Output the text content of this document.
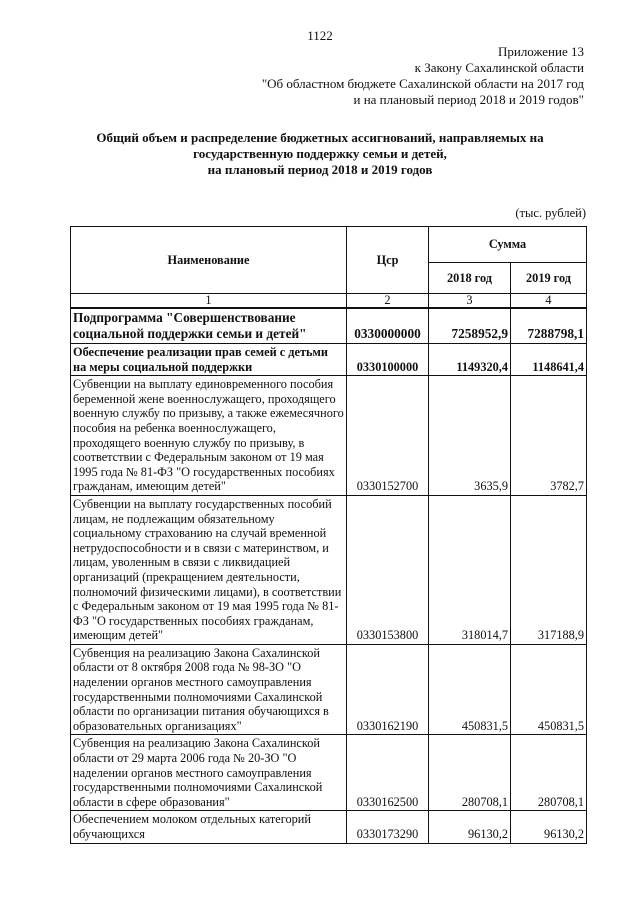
1122
Приложение 13
к Закону Сахалинской области
"Об областном бюджете Сахалинской области на 2017 год
и на плановый период 2018 и 2019 годов"
Общий объем и распределение бюджетных ассигнований, направляемых на
государственную поддержку семьи и детей,
на плановый период 2018 и 2019 годов
(тыс. рублей)
Наименование	Цср	Сумма	
		2018 год	2019 год
1	2	3	4
Подпрограмма "Совершенствование социальной поддержки семьи и детей"	0330000000	7258952,9	7288798,1
Обеспечение реализации прав семей с детьми на меры социальной поддержки	0330100000	1149320,4	1148641,4
Субвенции на выплату единовременного пособия беременной жене военнослужащего, проходящего военную службу по призыву, а также ежемесячного пособия на ребенка военнослужащего, проходящего военную службу по призыву, в соответствии с Федеральным законом от 19 мая 1995 года № 81-ФЗ "О государственных пособиях гражданам, имеющим детей"	0330152700	3635,9	3782,7
Субвенции на выплату государственных пособий лицам, не подлежащим обязательному социальному страхованию на случай временной нетрудоспособности и в связи с материнством, и лицам, уволенным в связи с ликвидацией организаций (прекращением деятельности, полномочий физическими лицами), в соответствии с Федеральным законом от 19 мая 1995 года № 81-ФЗ "О государственных пособиях гражданам, имеющим детей"	0330153800	318014,7	317188,9
Субвенция на реализацию Закона Сахалинской области от 8 октября 2008 года № 98-ЗО "О наделении органов местного самоуправления государственными полномочиями Сахалинской области по организации питания обучающихся в образовательных организациях"	0330162190	450831,5	450831,5
Субвенция на реализацию Закона Сахалинской области от 29 марта 2006 года № 20-ЗО "О наделении органов местного самоуправления государственными полномочиями Сахалинской области в сфере образования"	0330162500	280708,1	280708,1
Обеспечением молоком отдельных категорий обучающихся	0330173290	96130,2	96130,2
